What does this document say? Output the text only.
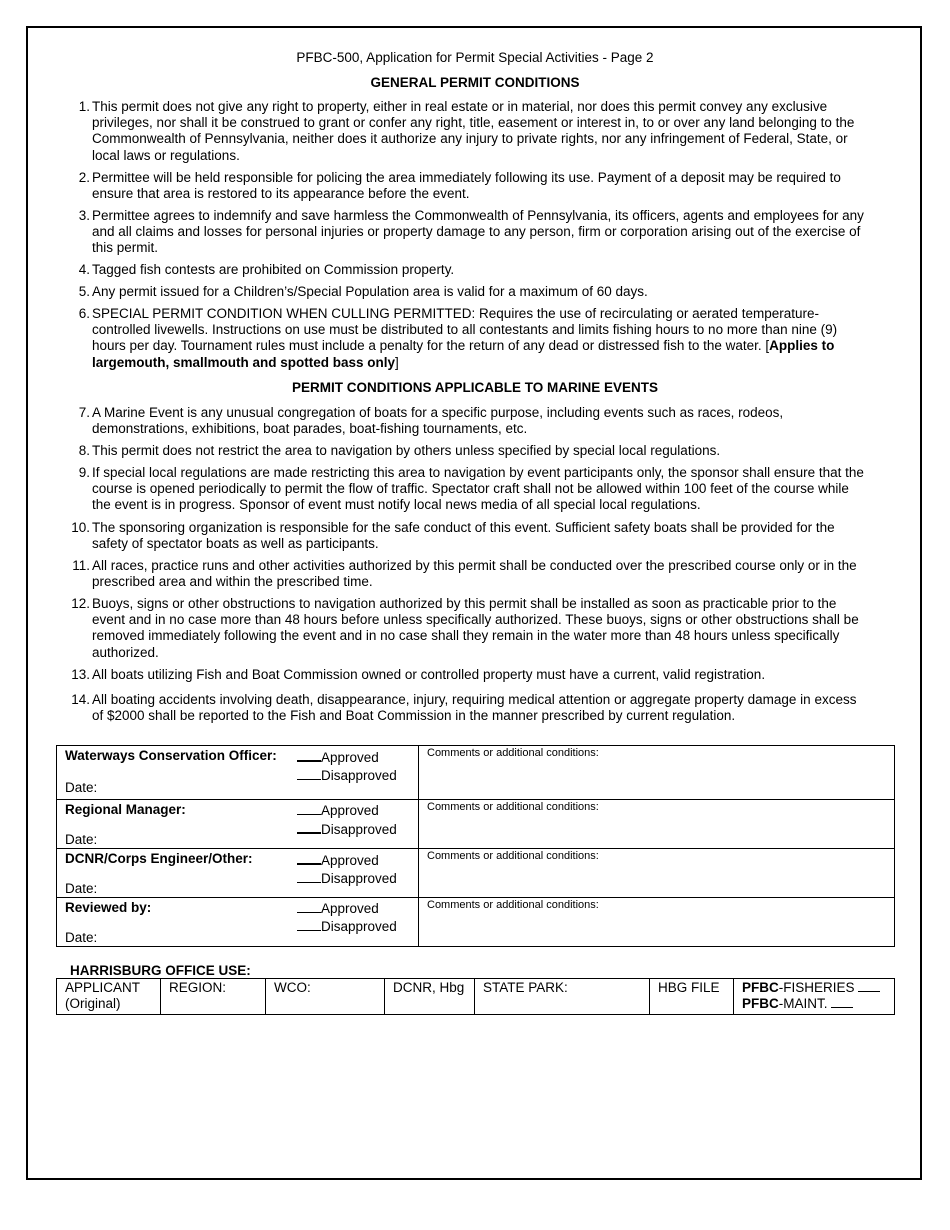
PFBC-500, Application for Permit Special Activities - Page 2
GENERAL PERMIT CONDITIONS
1. This permit does not give any right to property, either in real estate or in material, nor does this permit convey any exclusive privileges, nor shall it be construed to grant or confer any right, title, easement or interest in, to or over any land belonging to the Commonwealth of Pennsylvania, neither does it authorize any injury to private rights, nor any infringement of Federal, State, or local laws or regulations.
2. Permittee will be held responsible for policing the area immediately following its use. Payment of a deposit may be required to ensure that area is restored to its appearance before the event.
3. Permittee agrees to indemnify and save harmless the Commonwealth of Pennsylvania, its officers, agents and employees for any and all claims and losses for personal injuries or property damage to any person, firm or corporation arising out of the exercise of this permit.
4. Tagged fish contests are prohibited on Commission property.
5. Any permit issued for a Children’s/Special Population area is valid for a maximum of 60 days.
6. SPECIAL PERMIT CONDITION WHEN CULLING PERMITTED: Requires the use of recirculating or aerated temperature-controlled livewells. Instructions on use must be distributed to all contestants and limits fishing hours to no more than nine (9) hours per day. Tournament rules must include a penalty for the return of any dead or distressed fish to the water. [Applies to largemouth, smallmouth and spotted bass only]
PERMIT CONDITIONS APPLICABLE TO MARINE EVENTS
7. A Marine Event is any unusual congregation of boats for a specific purpose, including events such as races, rodeos, demonstrations, exhibitions, boat parades, boat-fishing tournaments, etc.
8. This permit does not restrict the area to navigation by others unless specified by special local regulations.
9. If special local regulations are made restricting this area to navigation by event participants only, the sponsor shall ensure that the course is opened periodically to permit the flow of traffic. Spectator craft shall not be allowed within 100 feet of the course while the event is in progress. Sponsor of event must notify local news media of all special local regulations.
10. The sponsoring organization is responsible for the safe conduct of this event. Sufficient safety boats shall be provided for the safety of spectator boats as well as participants.
11. All races, practice runs and other activities authorized by this permit shall be conducted over the prescribed course only or in the prescribed area and within the prescribed time.
12. Buoys, signs or other obstructions to navigation authorized by this permit shall be installed as soon as practicable prior to the event and in no case more than 48 hours before unless specifically authorized. These buoys, signs or other obstructions shall be removed immediately following the event and in no case shall they remain in the water more than 48 hours unless specifically authorized.
13. All boats utilizing Fish and Boat Commission owned or controlled property must have a current, valid registration.
14. All boating accidents involving death, disappearance, injury, requiring medical attention or aggregate property damage in excess of $2000 shall be reported to the Fish and Boat Commission in the manner prescribed by current regulation.
Waterways Conservation Officer: Approved
Disapproved
Date:	Comments or additional conditions:

Regional Manager: Approved
Disapproved
Date:	Comments or additional conditions:

DCNR/Corps Engineer/Other: Approved
Disapproved
Date:	Comments or additional conditions:

Reviewed by: Approved
Disapproved
Date:	Comments or additional conditions:
HARRISBURG OFFICE USE:
APPLICANT
(Original)
	REGION:	WCO:	DCNR, Hbg	STATE PARK:	HBG FILE	PFBC-FISHERIES
PFBC-MAINT.
